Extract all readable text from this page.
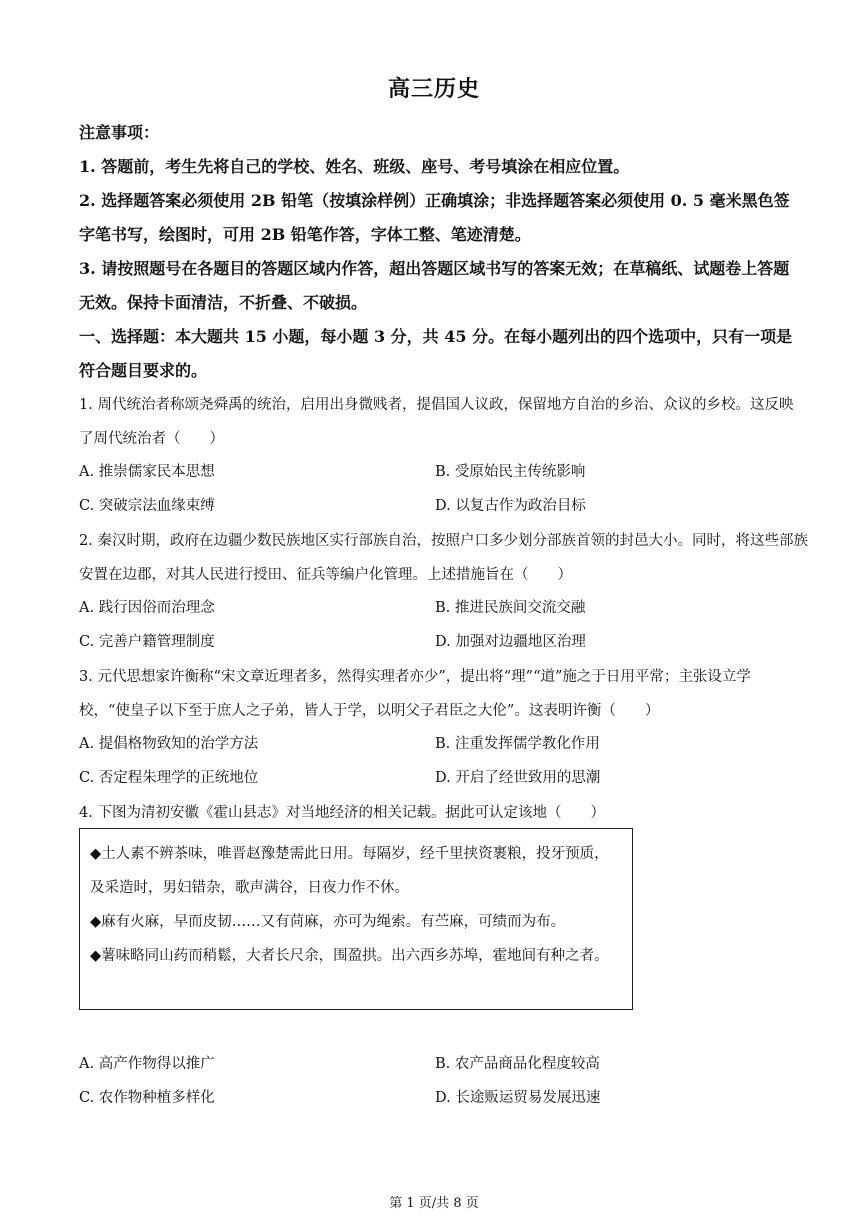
高三历史
注意事项：
1. 答题前，考生先将自己的学校、姓名、班级、座号、考号填涂在相应位置。
2. 选择题答案必须使用 2B 铅笔（按填涂样例）正确填涂；非选择题答案必须使用 0. 5 毫米黑色签字笔书写，绘图时，可用 2B 铅笔作答，字体工整、笔迹清楚。
3. 请按照题号在各题目的答题区域内作答，超出答题区域书写的答案无效；在草稿纸、试题卷上答题无效。保持卡面清洁，不折叠、不破损。
一、选择题：本大题共 15 小题，每小题 3 分，共 45 分。在每小题列出的四个选项中，只有一项是符合题目要求的。
1. 周代统治者称颂尧舜禹的统治，启用出身微贱者，提倡国人议政，保留地方自治的乡治、众议的乡校。这反映了周代统治者（　　）
A. 推崇儒家民本思想	B. 受原始民主传统影响
C. 突破宗法血缘束缚	D. 以复古作为政治目标
2. 秦汉时期，政府在边疆少数民族地区实行部族自治，按照户口多少划分部族首领的封邑大小。同时，将这些部族安置在边郡，对其人民进行授田、征兵等编户化管理。上述措施旨在（　　）
A. 践行因俗而治理念	B. 推进民族间交流交融
C. 完善户籍管理制度	D. 加强对边疆地区治理
3. 元代思想家许衡称“宋文章近理者多，然得实理者亦少”，提出将“理”“道”施之于日用平常；主张设立学校，“使皇子以下至于庶人之子弟，皆人于学，以明父子君臣之大伦”。这表明许衡（　　）
A. 提倡格物致知的治学方法	B. 注重发挥儒学教化作用
C. 否定程朱理学的正统地位	D. 开启了经世致用的思潮
4. 下图为清初安徽《霍山县志》对当地经济的相关记载。据此可认定该地（　　）

◆土人素不辨茶味，唯晋赵豫楚需此日用。每隔岁，经千里挟资裹粮，投牙预质，及采造时，男妇错杂，歌声满谷，日夜力作不休。

◆麻有火麻，早而皮韧……又有苘麻，亦可为绳索。有苎麻，可绩而为布。

◆薯味略同山药而稍鬆，大者长尺余，围盈拱。出六西乡苏埠，霍地间有种之者。

A. 高产作物得以推广	B. 农产品商品化程度较高
C. 农作物种植多样化	D. 长途贩运贸易发展迅速
第 1 页/共 8 页
